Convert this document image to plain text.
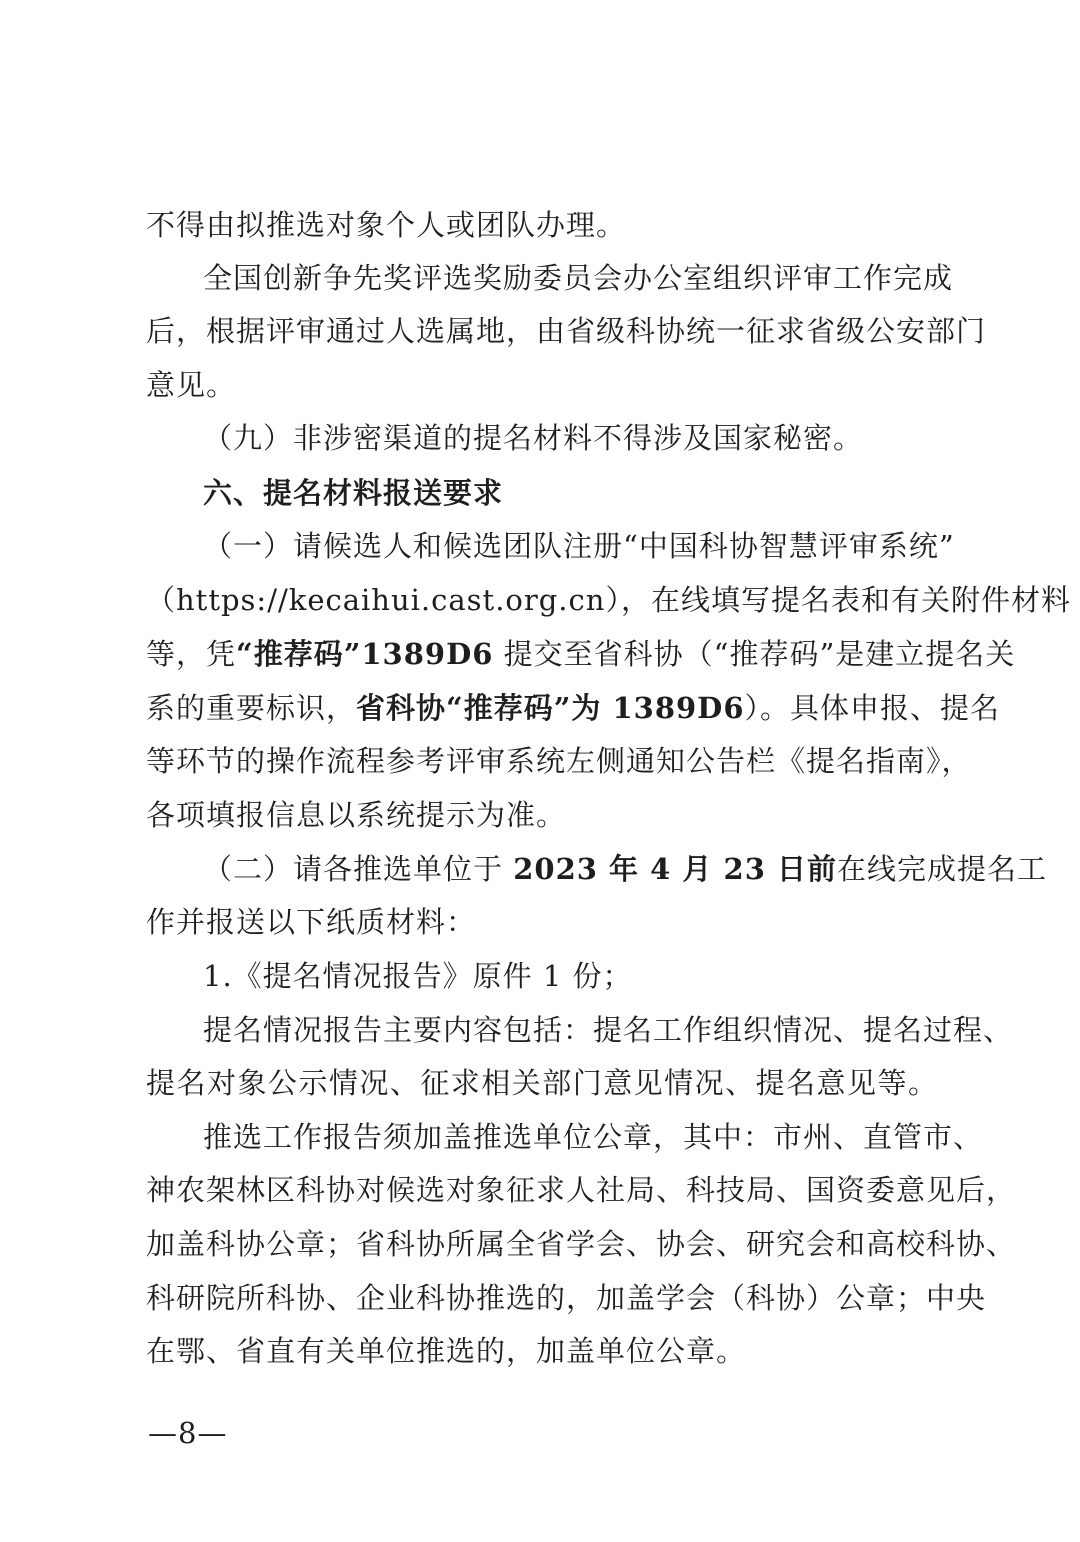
不得由拟推选对象个人或团队办理。
全国创新争先奖评选奖励委员会办公室组织评审工作完成
后，根据评审通过人选属地，由省级科协统一征求省级公安部门
意见。
（九）非涉密渠道的提名材料不得涉及国家秘密。
六、提名材料报送要求
（一）请候选人和候选团队注册“中国科协智慧评审系统”
（https://kecaihui.cast.org.cn），在线填写提名表和有关附件材料
等，凭“推荐码”1389D6 提交至省科协（“推荐码”是建立提名关
系的重要标识，省科协“推荐码”为 1389D6）。具体申报、提名
等环节的操作流程参考评审系统左侧通知公告栏《提名指南》，
各项填报信息以系统提示为准。
（二）请各推选单位于 2023 年 4 月 23 日前在线完成提名工
作并报送以下纸质材料：
1.《提名情况报告》原件 1 份；
提名情况报告主要内容包括：提名工作组织情况、提名过程、
提名对象公示情况、征求相关部门意见情况、提名意见等。
推选工作报告须加盖推选单位公章，其中：市州、直管市、
神农架林区科协对候选对象征求人社局、科技局、国资委意见后，
加盖科协公章；省科协所属全省学会、协会、研究会和高校科协、
科研院所科协、企业科协推选的，加盖学会（科协）公章；中央
在鄂、省直有关单位推选的，加盖单位公章。
—8—
